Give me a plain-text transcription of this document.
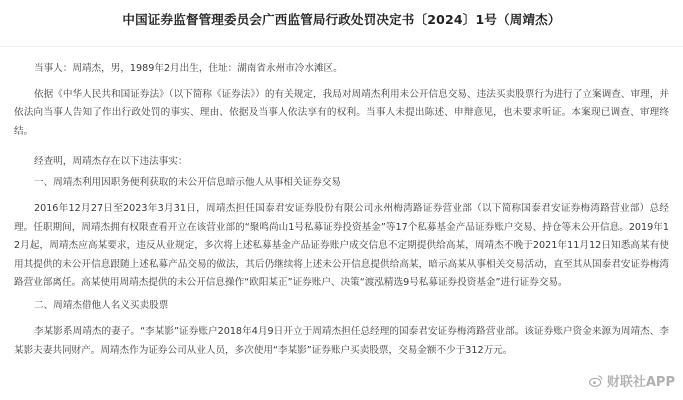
中国证券监督管理委员会广西监管局行政处罚决定书〔2024〕1号（周靖杰）

当事人：周靖杰，男，1989年2月出生，住址：湖南省永州市冷水滩区。

依据《中华人民共和国证券法》（以下简称《证券法》）的有关规定，我局对周靖杰利用未公开信息交易、违法买卖股票行为进行了立案调查、审理，并依法向当事人告知了作出行政处罚的事实、理由、依据及当事人依法享有的权利。当事人未提出陈述、申辩意见，也未要求听证。本案现已调查、审理终结。

经查明，周靖杰存在以下违法事实：

一、周靖杰利用因职务便利获取的未公开信息暗示他人从事相关证券交易

2016年12月27日至2023年3月31日，周靖杰担任国泰君安证券股份有限公司永州梅湾路证券营业部（以下简称国泰君安证券梅湾路营业部）总经理。任职期间，周靖杰拥有权限查看开立在该营业部的“聚鸣尚山1号私募证券投资基金”等17个私募基金产品证券账户交易、持仓等未公开信息。2019年12月起，周靖杰应高某要求，违反从业规定，多次将上述私募基金产品证券账户成交信息不定期提供给高某，周靖杰不晚于2021年11月12日知悉高某有使用其提供的未公开信息跟随上述私募产品交易的做法，其后仍继续将上述未公开信息提供给高某，暗示高某从事相关交易活动，直至其从国泰君安证券梅湾路营业部离任。高某使用周靖杰提供的未公开信息操作“欧阳某正”证券账户、决策“渡泓精选9号私募证券投资基金”进行证券交易。

二、周靖杰借他人名义买卖股票

李某影系周靖杰的妻子。“李某影”证券账户2018年4月9日开立于周靖杰担任总经理的国泰君安证券梅湾路营业部。该证券账户资金来源为周靖杰、李某影夫妻共同财产。周靖杰作为证券公司从业人员，多次使用“李某影”证券账户买卖股票，交易金额不少于312万元。

财联社APP
